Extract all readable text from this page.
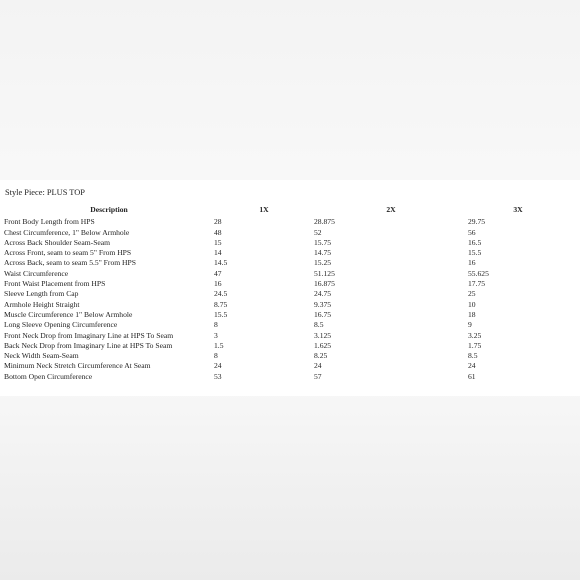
Style Piece: PLUS TOP
Description	1X	2X	3X
Front Body Length from HPS	28	28.875	29.75
Chest Circumference, 1" Below Armhole	48	52	56
Across Back Shoulder Seam-Seam	15	15.75	16.5
Across Front, seam to seam 5" From HPS	14	14.75	15.5
Across Back, seam to seam 5.5" From HPS	14.5	15.25	16
Waist Circumference	47	51.125	55.625
Front Waist Placement from HPS	16	16.875	17.75
Sleeve Length from Cap	24.5	24.75	25
Armhole Height Straight	8.75	9.375	10
Muscle Circumference 1" Below Armhole	15.5	16.75	18
Long Sleeve Opening Circumference	8	8.5	9
Front Neck Drop from Imaginary Line at HPS To Seam	3	3.125	3.25
Back Neck Drop from Imaginary Line at HPS To Seam	1.5	1.625	1.75
Neck Width Seam-Seam	8	8.25	8.5
Minimum Neck Stretch Circumference At Seam	24	24	24
Bottom Open Circumference	53	57	61
